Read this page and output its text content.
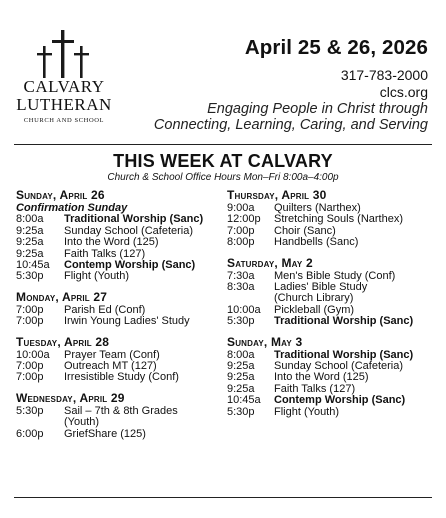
CALVARY
LUTHERAN
CHURCH AND SCHOOL
April 25 & 26, 2026
317-783-2000
clcs.org
Engaging People in Christ through
Connecting, Learning, Caring, and Serving
THIS WEEK AT CALVARY
Church & School Office Hours Mon–Fri 8:00a–4:00p
Sunday, April 26
Confirmation Sunday
8:00a	Traditional Worship (Sanc)
9:25a	Sunday School (Cafeteria)
9:25a	Into the Word (125)
9:25a	Faith Talks (127)
10:45a	Contemp Worship (Sanc)
5:30p	Flight (Youth)
Monday, April 27
7:00p	Parish Ed (Conf)
7:00p	Irwin Young Ladies' Study
Tuesday, April 28
10:00a	Prayer Team (Conf)
7:00p	Outreach MT (127)
7:00p	Irresistible Study (Conf)
Wednesday, April 29
5:30p	Sail – 7th & 8th Grades
(Youth)
6:00p	GriefShare (125)
Thursday, April 30
9:00a	Quilters (Narthex)
12:00p	Stretching Souls (Narthex)
7:00p	Choir (Sanc)
8:00p	Handbells (Sanc)
Saturday, May 2
7:30a	Men's Bible Study (Conf)
8:30a	Ladies' Bible Study
(Church Library)
10:00a	Pickleball (Gym)
5:30p	Traditional Worship (Sanc)
Sunday, May 3
8:00a	Traditional Worship (Sanc)
9:25a	Sunday School (Cafeteria)
9:25a	Into the Word (125)
9:25a	Faith Talks (127)
10:45a	Contemp Worship (Sanc)
5:30p	Flight (Youth)
